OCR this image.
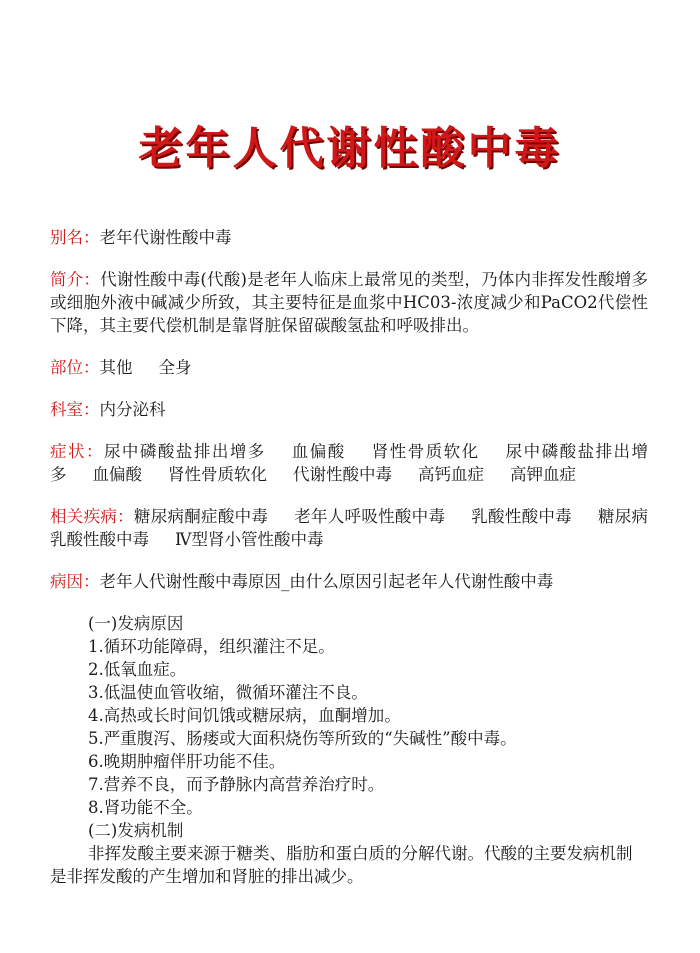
老年人代谢性酸中毒
别名：老年代谢性酸中毒
简介：代谢性酸中毒(代酸)是老年人临床上最常见的类型，乃体内非挥发性酸增多或细胞外液中碱减少所致，其主要特征是血浆中HC03-浓度减少和PaCO2代偿性下降，其主要代偿机制是靠肾脏保留碳酸氢盐和呼吸排出。
部位：其他 全身
科室：内分泌科
症状：尿中磷酸盐排出增多 血偏酸 肾性骨质软化 尿中磷酸盐排出增多 血偏酸 肾性骨质软化 代谢性酸中毒 高钙血症 高钾血症
相关疾病：糖尿病酮症酸中毒 老年人呼吸性酸中毒 乳酸性酸中毒 糖尿病乳酸性酸中毒 Ⅳ型肾小管性酸中毒
病因：老年人代谢性酸中毒原因_由什么原因引起老年人代谢性酸中毒

(一)发病原因

1.循环功能障碍，组织灌注不足。

2.低氧血症。

3.低温使血管收缩，微循环灌注不良。

4.高热或长时间饥饿或糖尿病，血酮增加。

5.严重腹泻、肠瘘或大面积烧伤等所致的“失碱性”酸中毒。

6.晚期肿瘤伴肝功能不佳。

7.营养不良，而予静脉内高营养治疗时。

8.肾功能不全。

(二)发病机制

非挥发酸主要来源于糖类、脂肪和蛋白质的分解代谢。代酸的主要发病机制是非挥发酸的产生增加和肾脏的排出减少。
